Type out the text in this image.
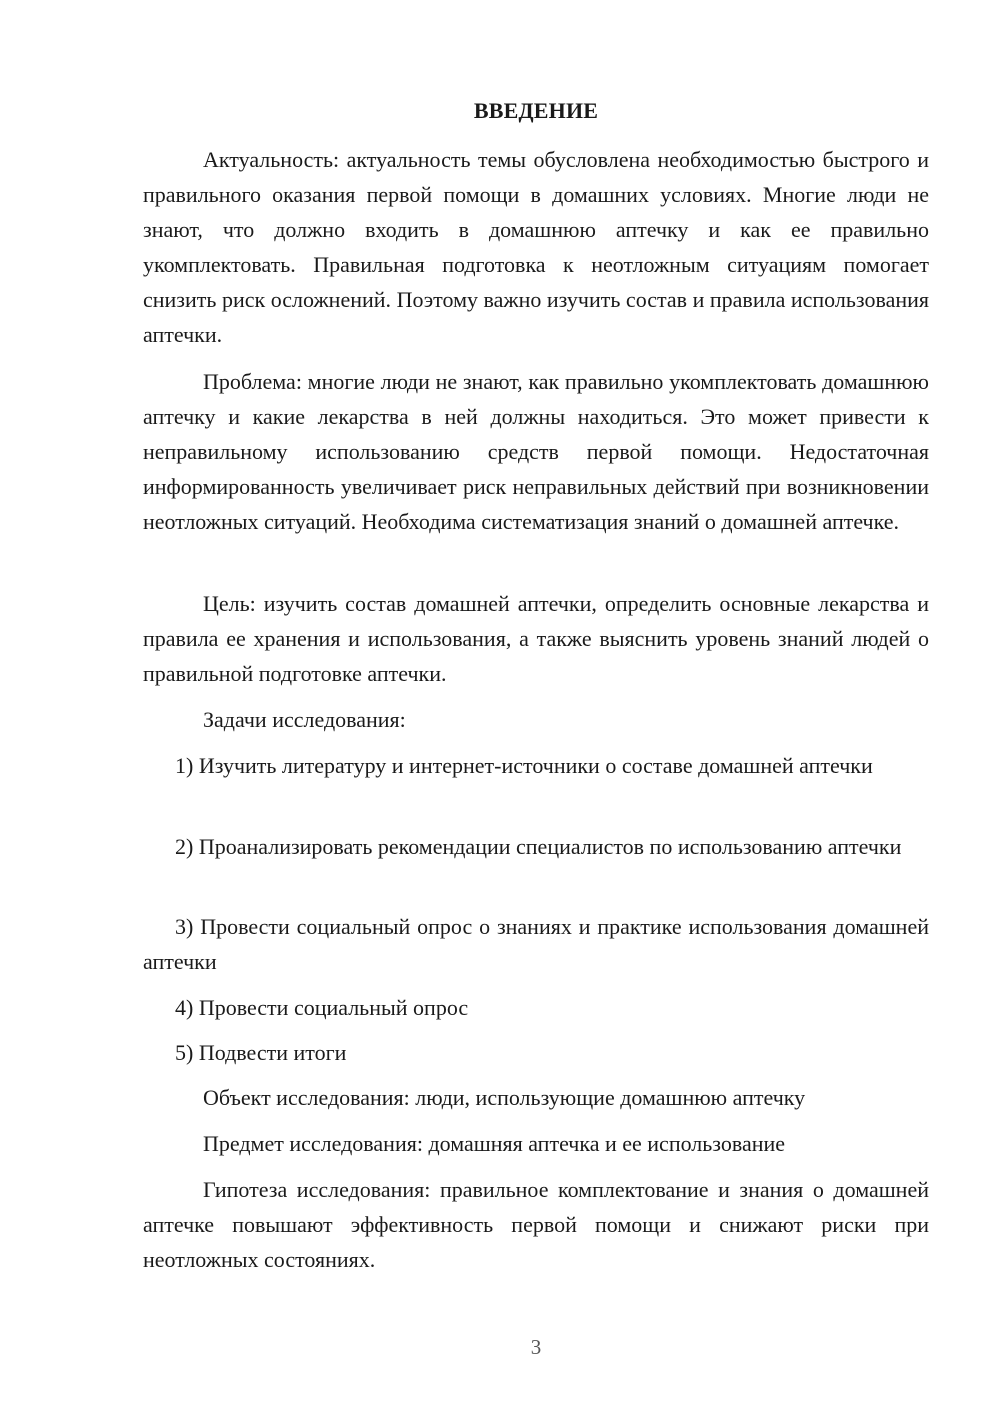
ВВЕДЕНИЕ

Актуальность: актуальность темы обусловлена необходимостью быстрого и правильного оказания первой помощи в домашних условиях. Многие люди не знают, что должно входить в домашнюю аптечку и как ее правильно укомплектовать. Правильная подготовка к неотложным ситуациям помогает снизить риск осложнений. Поэтому важно изучить состав и правила использования аптечки.

Проблема: многие люди не знают, как правильно укомплектовать домашнюю аптечку и какие лекарства в ней должны находиться. Это может привести к неправильному использованию средств первой помощи. Недостаточная информированность увеличивает риск неправильных действий при возникновении неотложных ситуаций. Необходима систематизация знаний о домашней аптечке.

Цель: изучить состав домашней аптечки, определить основные лекарства и правила ее хранения и использования, а также выяснить уровень знаний людей о правильной подготовке аптечки.

Задачи исследования:

1) Изучить литературу и интернет-источники о составе домашней аптечки

2) Проанализировать рекомендации специалистов по использованию аптечки

3) Провести социальный опрос о знаниях и практике использования домашней аптечки

4) Провести социальный опрос

5) Подвести итоги

Объект исследования: люди, использующие домашнюю аптечку

Предмет исследования: домашняя аптечка и ее использование

Гипотеза исследования: правильное комплектование и знания о домашней аптечке повышают эффективность первой помощи и снижают риски при неотложных состояниях.

3
